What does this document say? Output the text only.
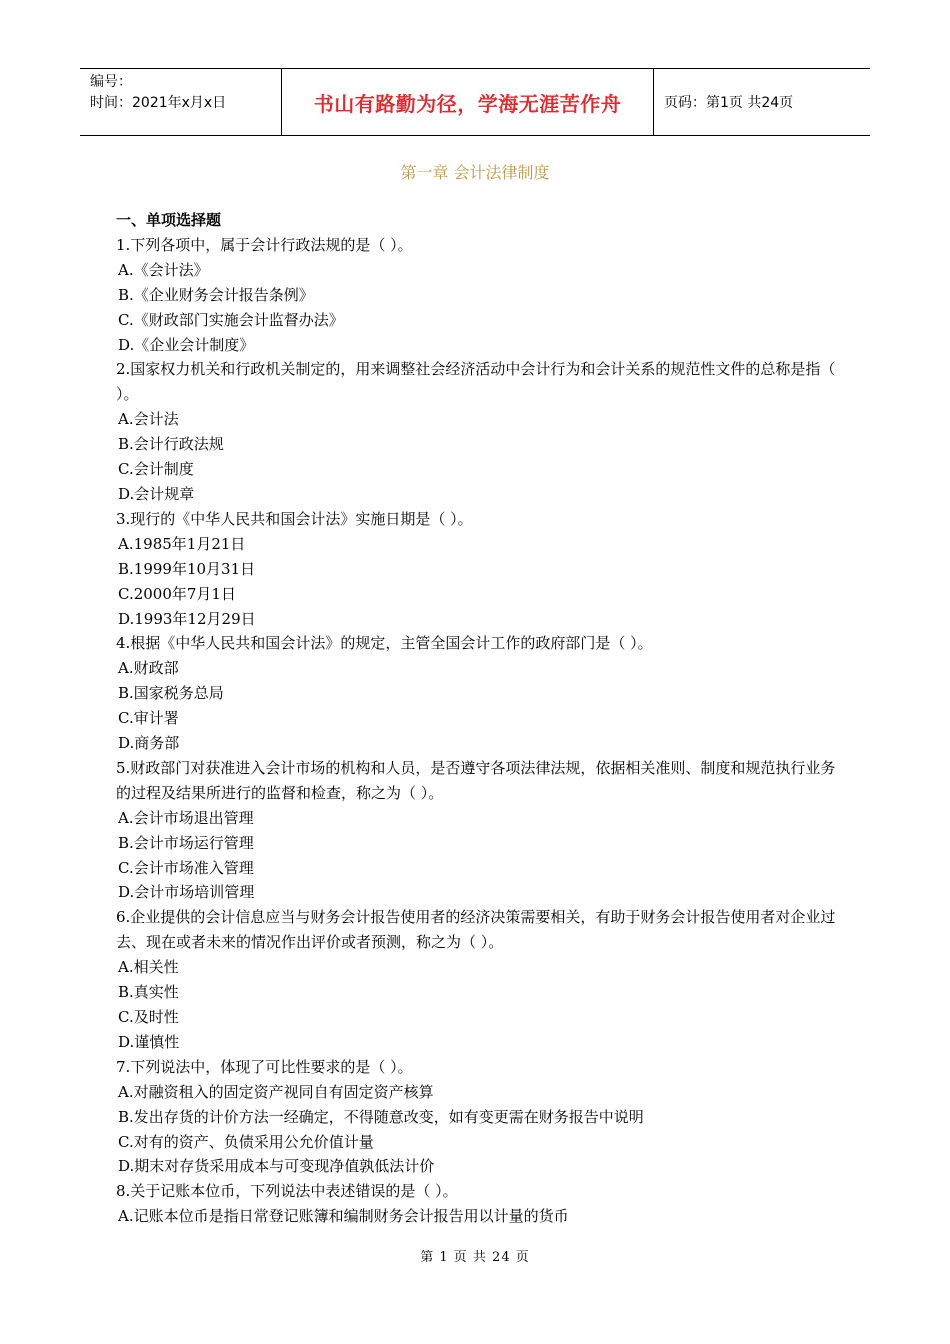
编号：
时间：2021年x月x日	书山有路勤为径，学海无涯苦作舟	页码：第1页 共24页
第一章 会计法律制度
一、单项选择题

1.下列各项中，属于会计行政法规的是（ ）。

A.《会计法》

B.《企业财务会计报告条例》

C.《财政部门实施会计监督办法》

D.《企业会计制度》

2.国家权力机关和行政机关制定的，用来调整社会经济活动中会计行为和会计关系的规范性文件的总称是指（ ）。

A.会计法

B.会计行政法规

C.会计制度

D.会计规章

3.现行的《中华人民共和国会计法》实施日期是（ ）。

A.1985年1月21日

B.1999年10月31日

C.2000年7月1日

D.1993年12月29日

4.根据《中华人民共和国会计法》的规定，主管全国会计工作的政府部门是（ ）。

A.财政部

B.国家税务总局

C.审计署

D.商务部

5.财政部门对获准进入会计市场的机构和人员，是否遵守各项法律法规，依据相关准则、制度和规范执行业务的过程及结果所进行的监督和检查，称之为（ ）。

A.会计市场退出管理

B.会计市场运行管理

C.会计市场准入管理

D.会计市场培训管理

6.企业提供的会计信息应当与财务会计报告使用者的经济决策需要相关，有助于财务会计报告使用者对企业过去、现在或者未来的情况作出评价或者预测，称之为（ ）。

A.相关性

B.真实性

C.及时性

D.谨慎性

7.下列说法中，体现了可比性要求的是（ ）。

A.对融资租入的固定资产视同自有固定资产核算

B.发出存货的计价方法一经确定，不得随意改变，如有变更需在财务报告中说明

C.对有的资产、负债采用公允价值计量

D.期末对存货采用成本与可变现净值孰低法计价

8.关于记账本位币，下列说法中表述错误的是（ ）。

A.记账本位币是指日常登记账簿和编制财务会计报告用以计量的货币

第 1 页 共 24 页
